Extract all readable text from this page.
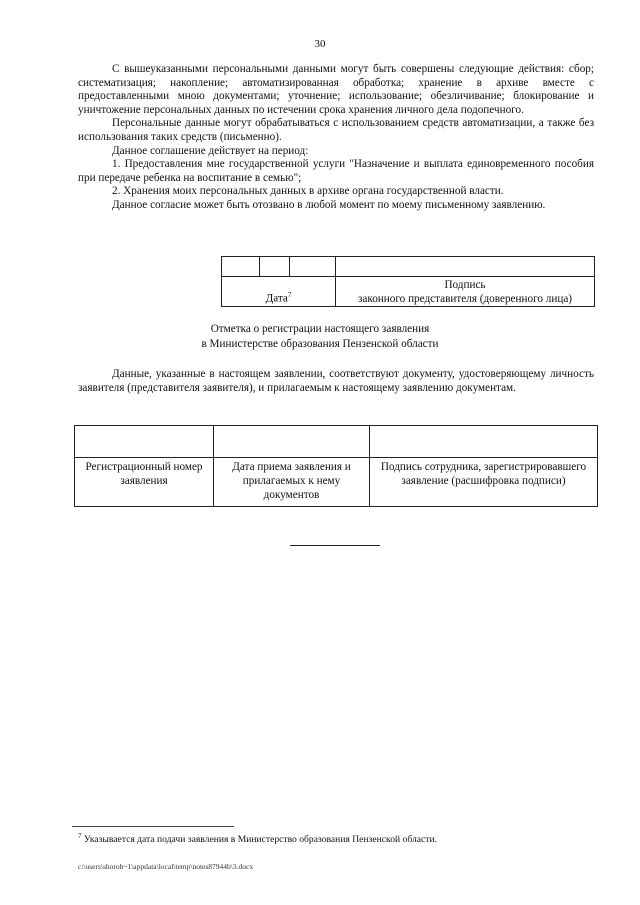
30

С вышеуказанными персональными данными могут быть совершены следующие действия: сбор; систематизация; накопление; автоматизированная обработка; хранение в архиве вместе с предоставленными мною документами; уточнение; использование; обезличивание; блокирование и уничтожение персональных данных по истечении срока хранения личного дела подопечного.

Персональные данные могут обрабатываться с использованием средств автоматизации, а также без использования таких средств (письменно).

Данное соглашение действует на период:

1. Предоставления мне государственной услуги "Назначение и выплата единовременного пособия при передаче ребенка на воспитание в семью";

2. Хранения моих персональных данных в архиве органа государственной власти.

Данное согласие может быть отозвано в любой момент по моему письменному заявлению.

Дата$^7$			Подпись
законного представителя (доверенного лица)
Отметка о регистрации настоящего заявления
в Министерстве образования Пензенской области

Данные, указанные в настоящем заявлении, соответствуют документу, удостоверяющему личность заявителя (представителя заявителя), и прилагаемым к настоящему заявлению документам.

Регистрационный номер заявления	Дата приема заявления и прилагаемых к нему документов	Подпись сотрудника, зарегистрировавшего заявление (расшифровка подписи)
$^7$ Указывается дата подачи заявления в Министерство образования Пензенской области.
c:\users\shorob~1\appdata\local\temp\notes87944b\3.docx
